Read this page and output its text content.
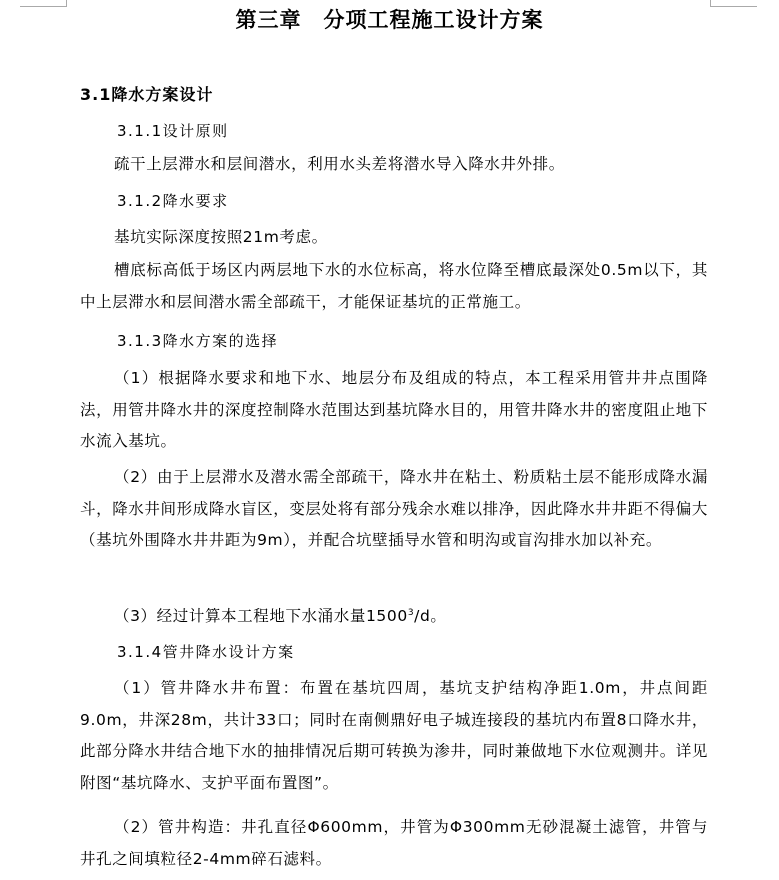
第三章　分项工程施工设计方案
3.1降水方案设计
3.1.1设计原则
疏干上层滞水和层间潜水，利用水头差将潜水导入降水井外排。
3.1.2降水要求
基坑实际深度按照21m考虑。
槽底标高低于场区内两层地下水的水位标高，将水位降至槽底最深处0.5m以下，其中上层滞水和层间潜水需全部疏干，才能保证基坑的正常施工。
3.1.3降水方案的选择
（1）根据降水要求和地下水、地层分布及组成的特点，本工程采用管井井点围降法，用管井降水井的深度控制降水范围达到基坑降水目的，用管井降水井的密度阻止地下水流入基坑。
（2）由于上层滞水及潜水需全部疏干，降水井在粘土、粉质粘土层不能形成降水漏斗，降水井间形成降水盲区，变层处将有部分残余水难以排净，因此降水井井距不得偏大（基坑外围降水井井距为9m），并配合坑壁插导水管和明沟或盲沟排水加以补充。
（3）经过计算本工程地下水涌水量1500$^3$/d。
3.1.4管井降水设计方案
（1）管井降水井布置：布置在基坑四周，基坑支护结构净距1.0m，井点间距9.0m，井深28m，共计33口；同时在南侧鼎好电子城连接段的基坑内布置8口降水井，此部分降水井结合地下水的抽排情况后期可转换为渗井，同时兼做地下水位观测井。详见附图“基坑降水、支护平面布置图”。
（2）管井构造：井孔直径Φ600mm，井管为Φ300mm无砂混凝土滤管，井管与井孔之间填粒径2-4mm碎石滤料。
